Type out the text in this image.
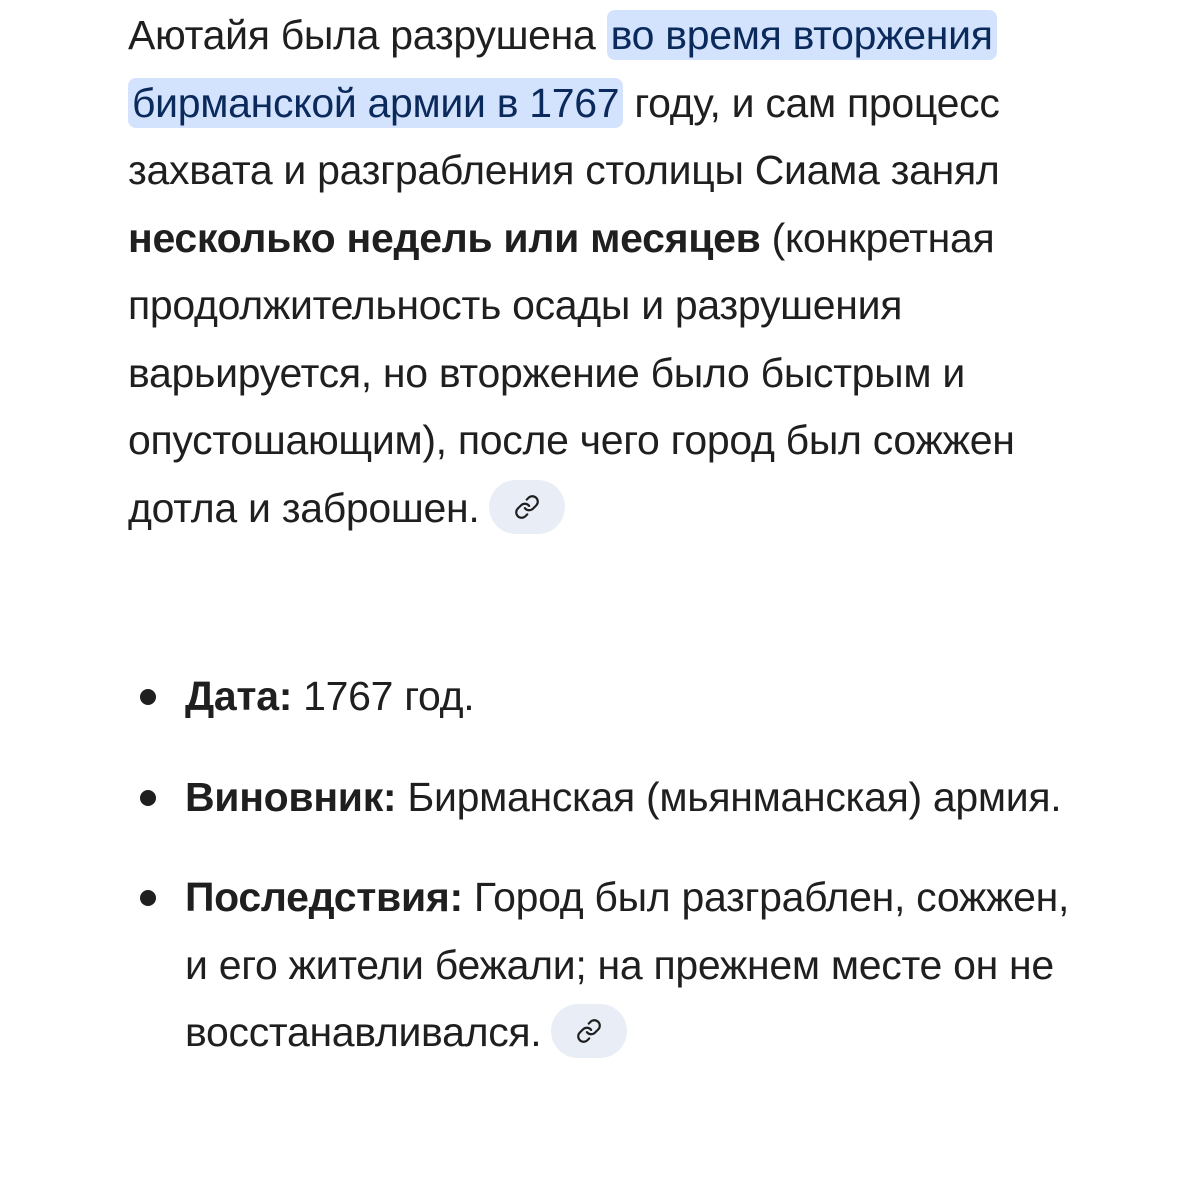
Аютайя была разрушена во время вторжения бирманской армии в 1767 году, и сам процесс захвата и разграбления столицы Сиама занял несколько недель или месяцев (конкретная продолжительность осады и разрушения варьируется, но вторжение было быстрым и опустошающим), после чего город был сожжен дотла и заброшен.

Дата: 1767 год.
Виновник: Бирманская (мьянманская) армия.
Последствия: Город был разграблен, сожжен, и его жители бежали; на прежнем месте он не восстанавливался.
